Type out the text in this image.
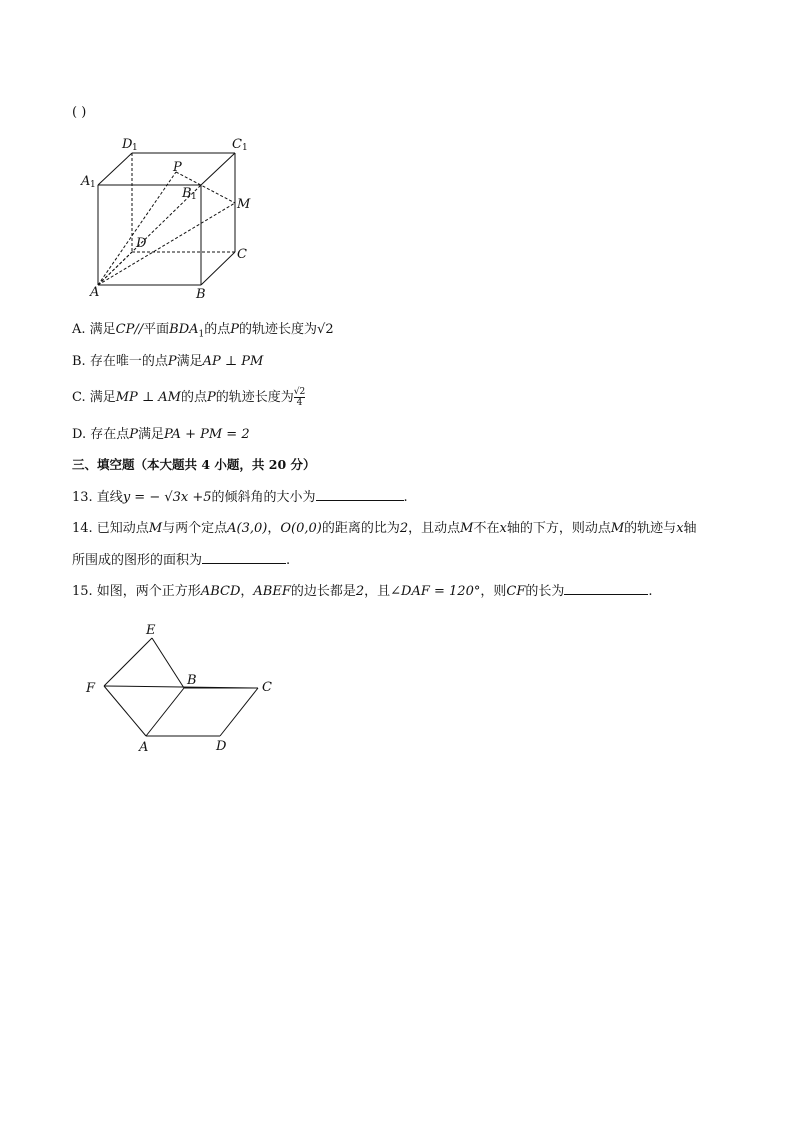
( )
D 1	C 1
A 1
P
B 1	M
D
C
A	B
A. 满足CP//平面$BDA_1$的点P的轨迹长度为√2
B. 存在唯一的点P满足AP ⊥ PM
C. 满足MP ⊥ AM的点P的轨迹长度为 $\frac{√2}{4}$
D. 存在点P满足PA + PM = 2
三、填空题（本大题共 4 小题，共 20 分）
13. 直线y = − √3x +5的倾斜角的大小为	.
14. 已知动点M与两个定点A(3,0)，O(0,0)的距离的比为2，且动点M不在x轴的下方，则动点M的轨迹与x轴
所围成的图形的面积为	.
15. 如图，两个正方形ABCD，ABEF的边长都是2，且∠DAF = 120°，则CF的长为	.
E
F
B	C
A	D
